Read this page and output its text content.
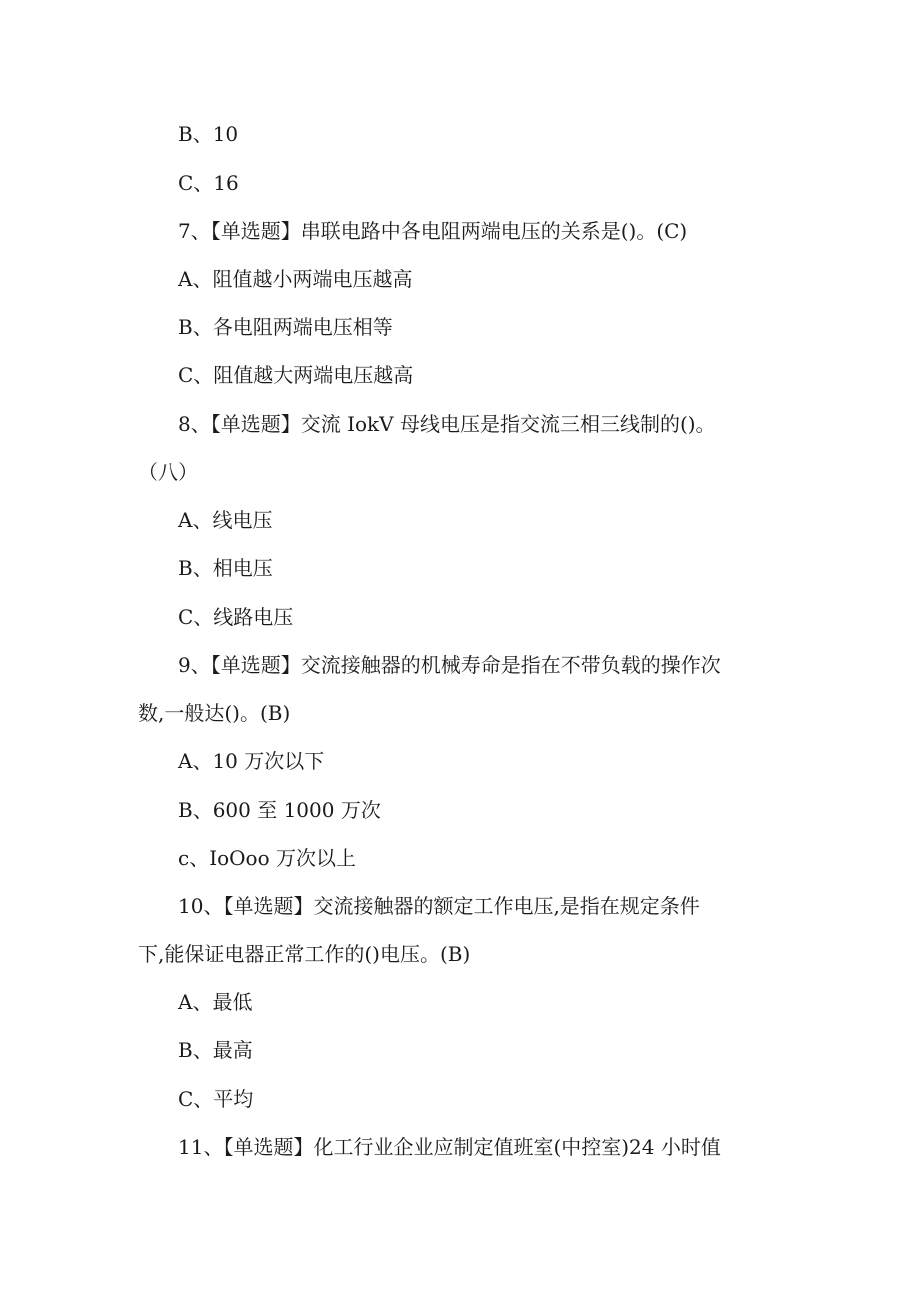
B、10
C、16
7、【单选题】串联电路中各电阻两端电压的关系是()。(C)
A、阻值越小两端电压越高
B、各电阻两端电压相等
C、阻值越大两端电压越高
8、【单选题】交流 IokV 母线电压是指交流三相三线制的()。
（八）
A、线电压
B、相电压
C、线路电压
9、【单选题】交流接触器的机械寿命是指在不带负载的操作次
数,一般达()。(B)
A、10 万次以下
B、600 至 1000 万次
c、IoOoo 万次以上
10、【单选题】交流接触器的额定工作电压,是指在规定条件
下,能保证电器正常工作的()电压。(B)
A、最低
B、最高
C、平均
11、【单选题】化工行业企业应制定值班室(中控室)24 小时值
